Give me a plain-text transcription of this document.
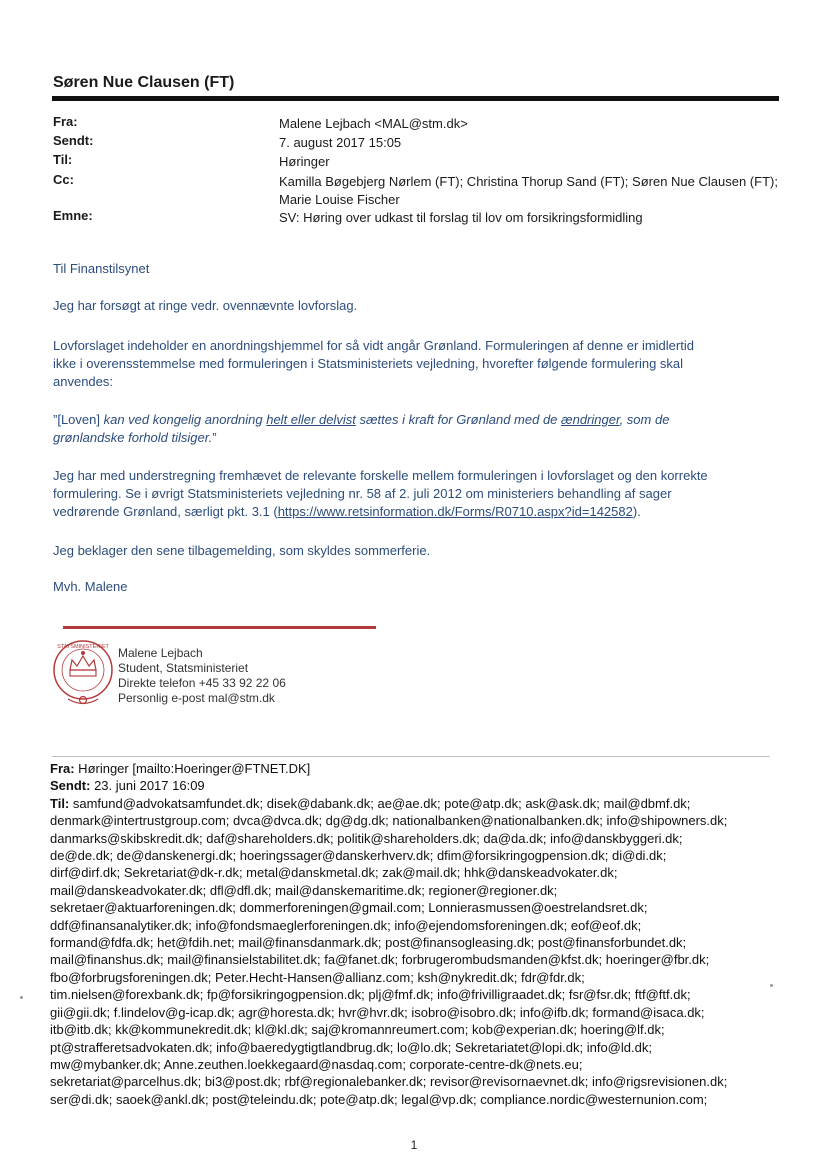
Søren Nue Clausen (FT)
Fra:	Malene Lejbach <MAL@stm.dk>
Sendt:	7. august 2017 15:05
Til:	Høringer
Cc:	Kamilla Bøgebjerg Nørlem (FT); Christina Thorup Sand (FT); Søren Nue Clausen (FT);
Marie Louise Fischer
Emne:	SV: Høring over udkast til forslag til lov om forsikringsformidling

Til Finanstilsynet

Jeg har forsøgt at ringe vedr. ovennævnte lovforslag.

Lovforslaget indeholder en anordningshjemmel for så vidt angår Grønland. Formuleringen af denne er imidlertid

ikke i overensstemmelse med formuleringen i Statsministeriets vejledning, hvorefter følgende formulering skal

anvendes:

”[Loven] kan ved kongelig anordning helt eller delvist sættes i kraft for Grønland med de ændringer, som de

grønlandske forhold tilsiger.”

Jeg har med understregning fremhævet de relevante forskelle mellem formuleringen i lovforslaget og den korrekte

formulering. Se i øvrigt Statsministeriets vejledning nr. 58 af 2. juli 2012 om ministeriers behandling af sager

vedrørende Grønland, særligt pkt. 3.1 (https://www.retsinformation.dk/Forms/R0710.aspx?id=142582).

Jeg beklager den sene tilbagemelding, som skyldes sommerferie.

Mvh. Malene

STATSMINISTERIET Malene Lejbach
Student, Statsministeriet
Direkte telefon +45 33 92 22 06
Personlig e-post mal@stm.dk
Fra: Høringer [mailto:Hoeringer@FTNET.DK]
Sendt: 23. juni 2017 16:09
Til: samfund@advokatsamfundet.dk; disek@dabank.dk; ae@ae.dk; pote@atp.dk; ask@ask.dk; mail@dbmf.dk;
denmark@intertrustgroup.com; dvca@dvca.dk; dg@dg.dk; nationalbanken@nationalbanken.dk; info@shipowners.dk;
danmarks@skibskredit.dk; daf@shareholders.dk; politik@shareholders.dk; da@da.dk; info@danskbyggeri.dk;
de@de.dk; de@danskenergi.dk; hoeringssager@danskerhverv.dk; dfim@forsikringogpension.dk; di@di.dk;
dirf@dirf.dk; Sekretariat@dk-r.dk; metal@danskmetal.dk; zak@mail.dk; hhk@danskeadvokater.dk;
mail@danskeadvokater.dk; dfl@dfl.dk; mail@danskemaritime.dk; regioner@regioner.dk;
sekretaer@aktuarforeningen.dk; dommerforeningen@gmail.com; Lonnierasmussen@oestrelandsret.dk;
ddf@finansanalytiker.dk; info@fondsmaeglerforeningen.dk; info@ejendomsforeningen.dk; eof@eof.dk;
formand@fdfa.dk; het@fdih.net; mail@finansdanmark.dk; post@finansogleasing.dk; post@finansforbundet.dk;
mail@finanshus.dk; mail@finansielstabilitet.dk; fa@fanet.dk; forbrugerombudsmanden@kfst.dk; hoeringer@fbr.dk;
fbo@forbrugsforeningen.dk; Peter.Hecht-Hansen@allianz.com; ksh@nykredit.dk; fdr@fdr.dk;
tim.nielsen@forexbank.dk; fp@forsikringogpension.dk; plj@fmf.dk; info@frivilligraadet.dk; fsr@fsr.dk; ftf@ftf.dk;
gii@gii.dk; f.lindelov@g-icap.dk; agr@horesta.dk; hvr@hvr.dk; isobro@isobro.dk; info@ifb.dk; formand@isaca.dk;
itb@itb.dk; kk@kommunekredit.dk; kl@kl.dk; saj@kromannreumert.com; kob@experian.dk; hoering@lf.dk;
pt@strafferetsadvokaten.dk; info@baeredygtigtlandbrug.dk; lo@lo.dk; Sekretariatet@lopi.dk; info@ld.dk;
mw@mybanker.dk; Anne.zeuthen.loekkegaard@nasdaq.com; corporate-centre-dk@nets.eu;
sekretariat@parcelhus.dk; bi3@post.dk; rbf@regionalebanker.dk; revisor@revisornaevnet.dk; info@rigsrevisionen.dk;
ser@di.dk; saoek@ankl.dk; post@teleindu.dk; pote@atp.dk; legal@vp.dk; compliance.nordic@westernunion.com;
1
